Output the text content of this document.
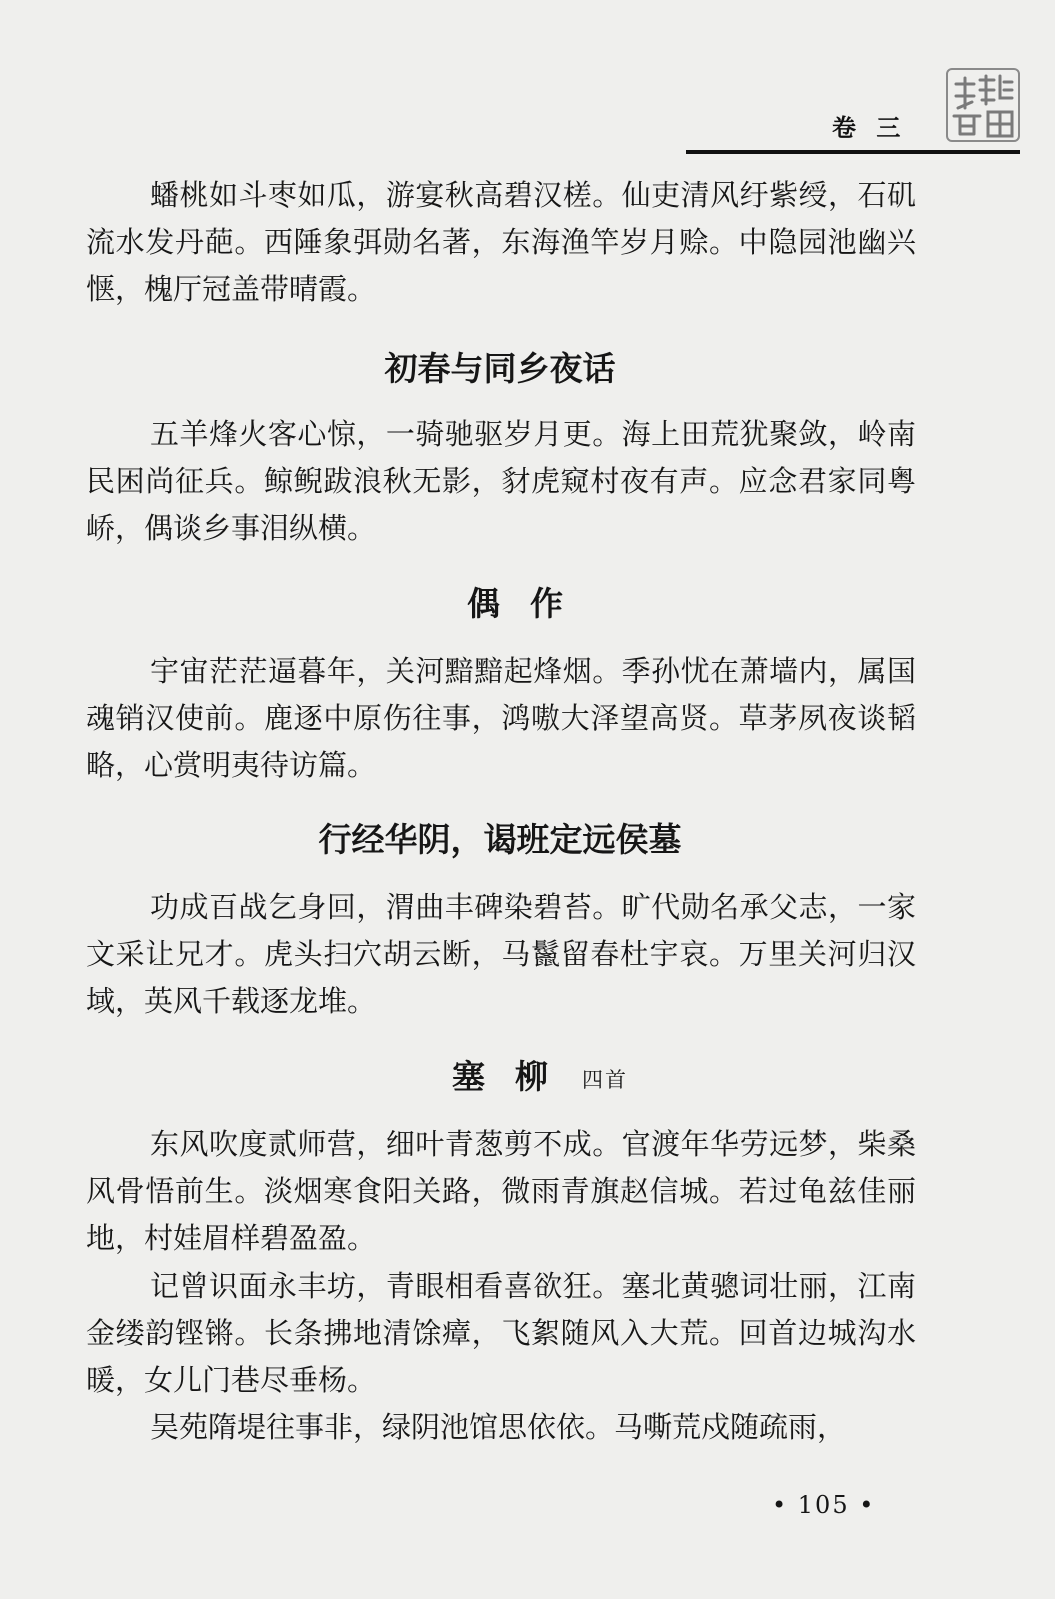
卷 三

蟠桃如斗枣如瓜，游宴秋高碧汉槎。仙吏清风纡紫绶，石矶流水发丹葩。西陲象弭勋名著，东海渔竿岁月赊。中隐园池幽兴惬，槐厅冠盖带晴霞。

初春与同乡夜话

五羊烽火客心惊，一骑驰驱岁月更。海上田荒犹聚敛，岭南民困尚征兵。鲸鲵跋浪秋无影，豺虎窥村夜有声。应念君家同粤峤，偶谈乡事泪纵横。

偶作

宇宙茫茫逼暮年，关河黯黯起烽烟。季孙忧在萧墙内，属国魂销汉使前。鹿逐中原伤往事，鸿嗷大泽望高贤。草茅夙夜谈韬略，心赏明夷待访篇。

行经华阴，谒班定远侯墓

功成百战乞身回，渭曲丰碑染碧苔。旷代勋名承父志，一家文采让兄才。虎头扫穴胡云断，马鬣留春杜宇哀。万里关河归汉域，英风千载逐龙堆。

塞柳 四首

东风吹度贰师营，细叶青葱剪不成。官渡年华劳远梦，柴桑风骨悟前生。淡烟寒食阳关路，微雨青旗赵信城。若过龟兹佳丽地，村娃眉样碧盈盈。

记曾识面永丰坊，青眼相看喜欲狂。塞北黄骢词壮丽，江南金缕韵铿锵。长条拂地清馀瘴，飞絮随风入大荒。回首边城沟水暖，女儿门巷尽垂杨。

吴苑隋堤往事非，绿阴池馆思依依。马嘶荒戍随疏雨，

• 105 •
